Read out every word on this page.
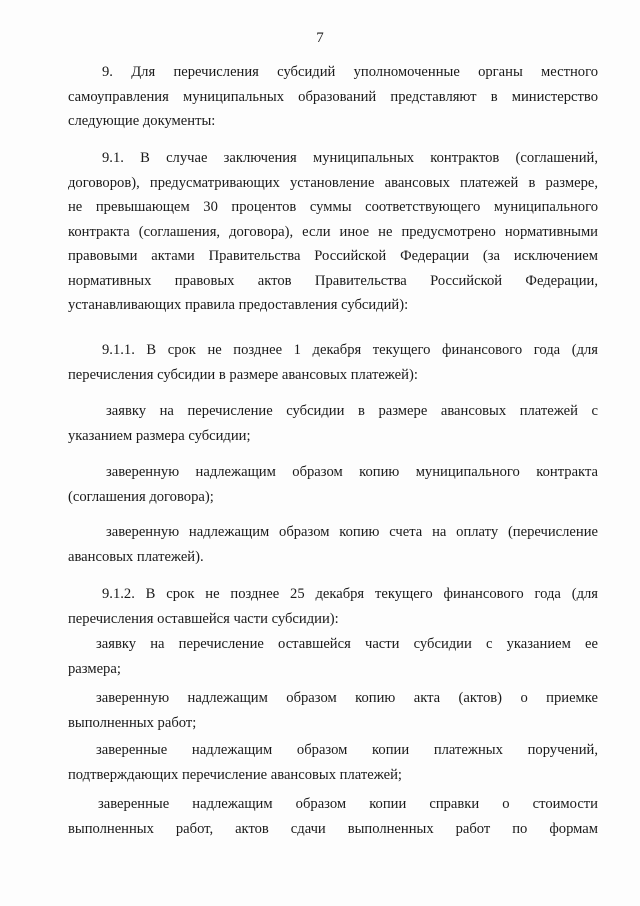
7
9. Для перечисления субсидий уполномоченные органы местного
самоуправления муниципальных образований представляют в министерство
следующие документы:
9.1. В случае заключения муниципальных контрактов (соглашений,
договоров), предусматривающих установление авансовых платежей в размере,
не превышающем 30 процентов суммы соответствующего муниципального
контракта (соглашения, договора), если иное не предусмотрено нормативными
правовыми актами Правительства Российской Федерации (за исключением
нормативных правовых актов Правительства Российской Федерации,
устанавливающих правила предоставления субсидий):
9.1.1. В срок не позднее 1 декабря текущего финансового года (для
перечисления субсидии в размере авансовых платежей):
заявку на перечисление субсидии в размере авансовых платежей с
указанием размера субсидии;
заверенную надлежащим образом копию муниципального контракта
(соглашения договора);
заверенную надлежащим образом копию счета на оплату (перечисление
авансовых платежей).
9.1.2. В срок не позднее 25 декабря текущего финансового года (для
перечисления оставшейся части субсидии):
заявку на перечисление оставшейся части субсидии с указанием ее
размера;
заверенную надлежащим образом копию акта (актов) о приемке
выполненных работ;
заверенные надлежащим образом копии платежных поручений,
подтверждающих перечисление авансовых платежей;
заверенные надлежащим образом копии справки о стоимости
выполненных работ, актов сдачи выполненных работ по формам
